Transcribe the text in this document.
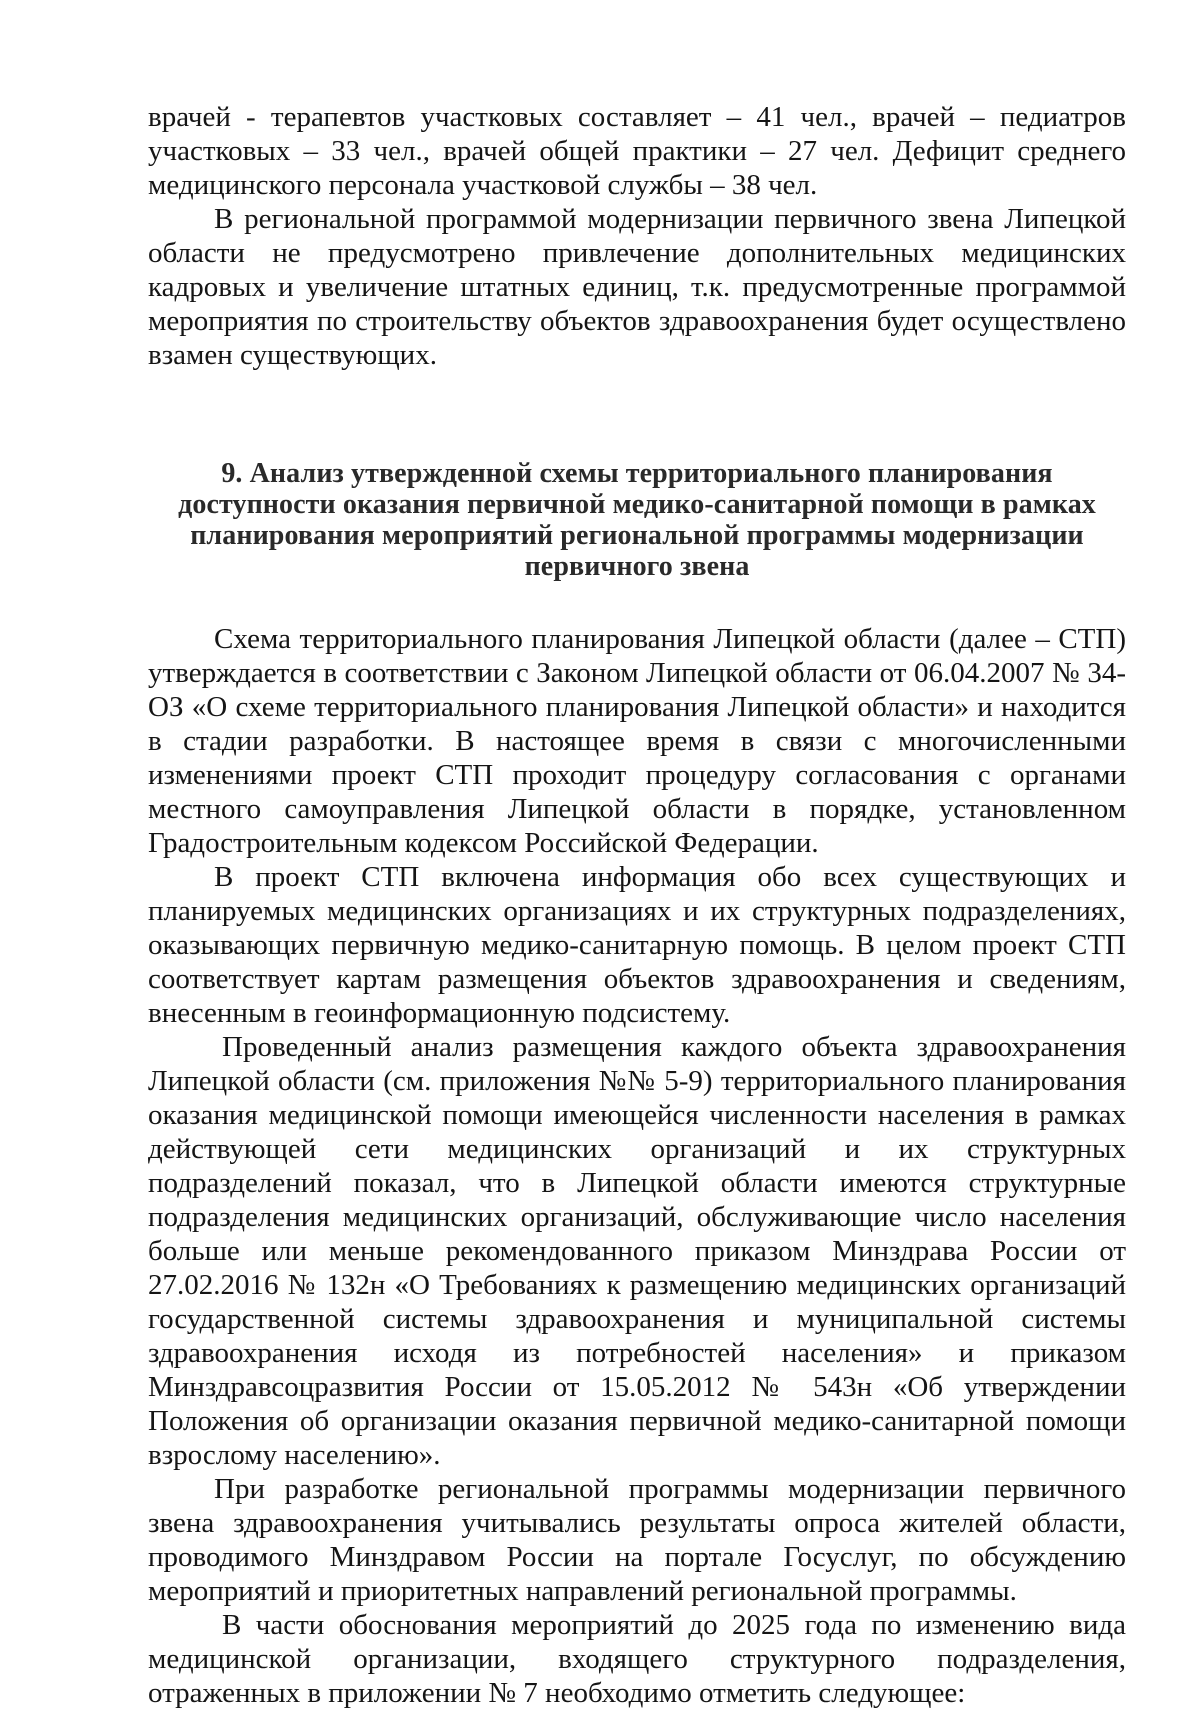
врачей - терапевтов участковых составляет – 41 чел., врачей – педиатров участковых – 33 чел., врачей общей практики – 27 чел. Дефицит среднего медицинского персонала участковой службы – 38 чел.

В региональной программой модернизации первичного звена Липецкой области не предусмотрено привлечение дополнительных медицинских кадровых и увеличение штатных единиц, т.к. предусмотренные программой мероприятия по строительству объектов здравоохранения будет осуществлено взамен существующих.

9. Анализ утвержденной схемы территориального планирования
доступности оказания первичной медико-санитарной помощи в рамках
планирования мероприятий региональной программы модернизации
первичного звена

Схема территориального планирования Липецкой области (далее – СТП) утверждается в соответствии с Законом Липецкой области от 06.04.2007 № 34-ОЗ «О схеме территориального планирования Липецкой области» и находится в стадии разработки. В настоящее время в связи с многочисленными изменениями проект СТП проходит процедуру согласования с органами местного самоуправления Липецкой области в порядке, установленном Градостроительным кодексом Российской Федерации.

В проект СТП включена информация обо всех существующих и планируемых медицинских организациях и их структурных подразделениях, оказывающих первичную медико-санитарную помощь. В целом проект СТП соответствует картам размещения объектов здравоохранения и сведениям, внесенным в геоинформационную подсистему.

Проведенный анализ размещения каждого объекта здравоохранения Липецкой области (см. приложения №№ 5-9) территориального планирования оказания медицинской помощи имеющейся численности населения в рамках действующей сети медицинских организаций и их структурных подразделений показал, что в Липецкой области имеются структурные подразделения медицинских организаций, обслуживающие число населения больше или меньше рекомендованного приказом Минздрава России от 27.02.2016 № 132н «О Требованиях к размещению медицинских организаций государственной системы здравоохранения и муниципальной системы здравоохранения исходя из потребностей населения» и приказом Минздравсоцразвития России от 15.05.2012 № 543н «Об утверждении Положения об организации оказания первичной медико-санитарной помощи взрослому населению».

При разработке региональной программы модернизации первичного звена здравоохранения учитывались результаты опроса жителей области, проводимого Минздравом России на портале Госуслуг, по обсуждению мероприятий и приоритетных направлений региональной программы.

В части обоснования мероприятий до 2025 года по изменению вида медицинской организации, входящего структурного подразделения, отраженных в приложении № 7 необходимо отметить следующее:
